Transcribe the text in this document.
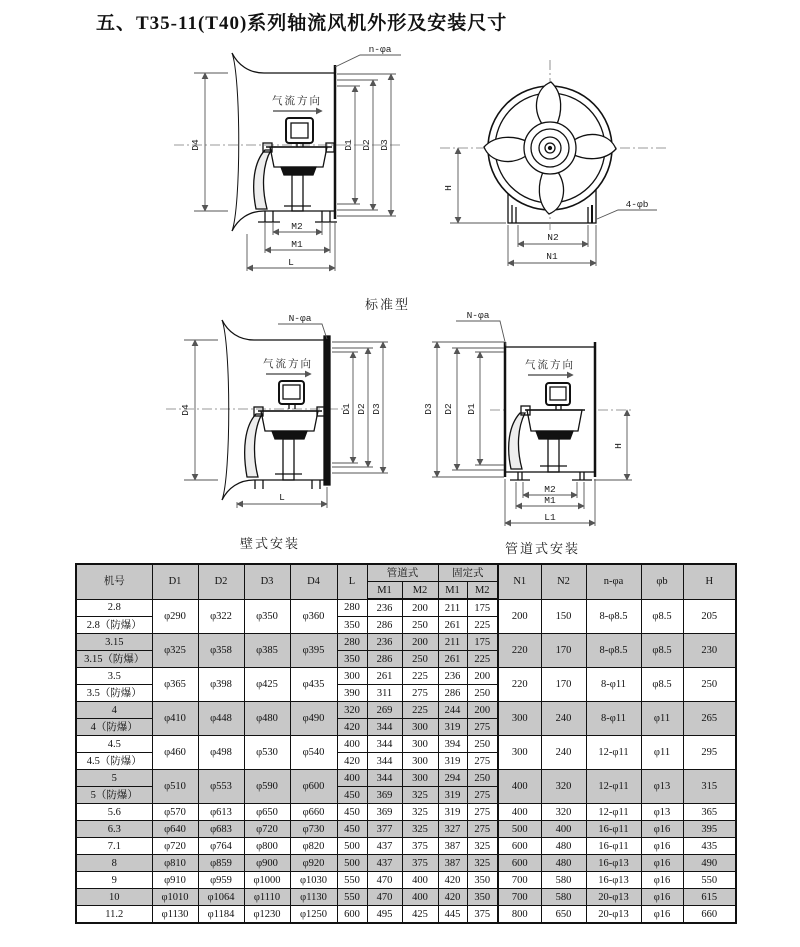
五、T35-11(T40)系列轴流风机外形及安装尺寸
气流方向
n-φa
D4	D1 D2 D3
M2
M1
L
H
4-φb
N2
N1
标准型
N-φa
气流方向
D4	D1 D2 D3
L
壁式安装
N-φa
气流方向
D3 D2 D1
H
M2
M1
L1
管道式安装
机号	D1	D2	D3	D4	L	管道式		固定式		N1	N2	n-φa	φb	H
						M1	M2	M1	M2					
2.8	φ290	φ322	φ350	φ360	280	236	200	211	175	200	150	8-φ8.5	φ8.5	205
2.8（防爆）					350	286	250	261	225					
3.15	φ325	φ358	φ385	φ395	280	236	200	211	175	220	170	8-φ8.5	φ8.5	230
3.15（防爆）					350	286	250	261	225					
3.5	φ365	φ398	φ425	φ435	300	261	225	236	200	220	170	8-φ11	φ8.5	250
3.5（防爆）					390	311	275	286	250					
4	φ410	φ448	φ480	φ490	320	269	225	244	200	300	240	8-φ11	φ11	265
4（防爆）					420	344	300	319	275					
4.5	φ460	φ498	φ530	φ540	400	344	300	394	250	300	240	12-φ11	φ11	295
4.5（防爆）					420	344	300	319	275					
5	φ510	φ553	φ590	φ600	400	344	300	294	250	400	320	12-φ11	φ13	315
5（防爆）					450	369	325	319	275					
5.6	φ570	φ613	φ650	φ660	450	369	325	319	275	400	320	12-φ11	φ13	365
6.3	φ640	φ683	φ720	φ730	450	377	325	327	275	500	400	16-φ11	φ16	395
7.1	φ720	φ764	φ800	φ820	500	437	375	387	325	600	480	16-φ11	φ16	435
8	φ810	φ859	φ900	φ920	500	437	375	387	325	600	480	16-φ13	φ16	490
9	φ910	φ959	φ1000	φ1030	550	470	400	420	350	700	580	16-φ13	φ16	550
10	φ1010	φ1064	φ1110	φ1130	550	470	400	420	350	700	580	20-φ13	φ16	615
11.2	φ1130	φ1184	φ1230	φ1250	600	495	425	445	375	800	650	20-φ13	φ16	660
